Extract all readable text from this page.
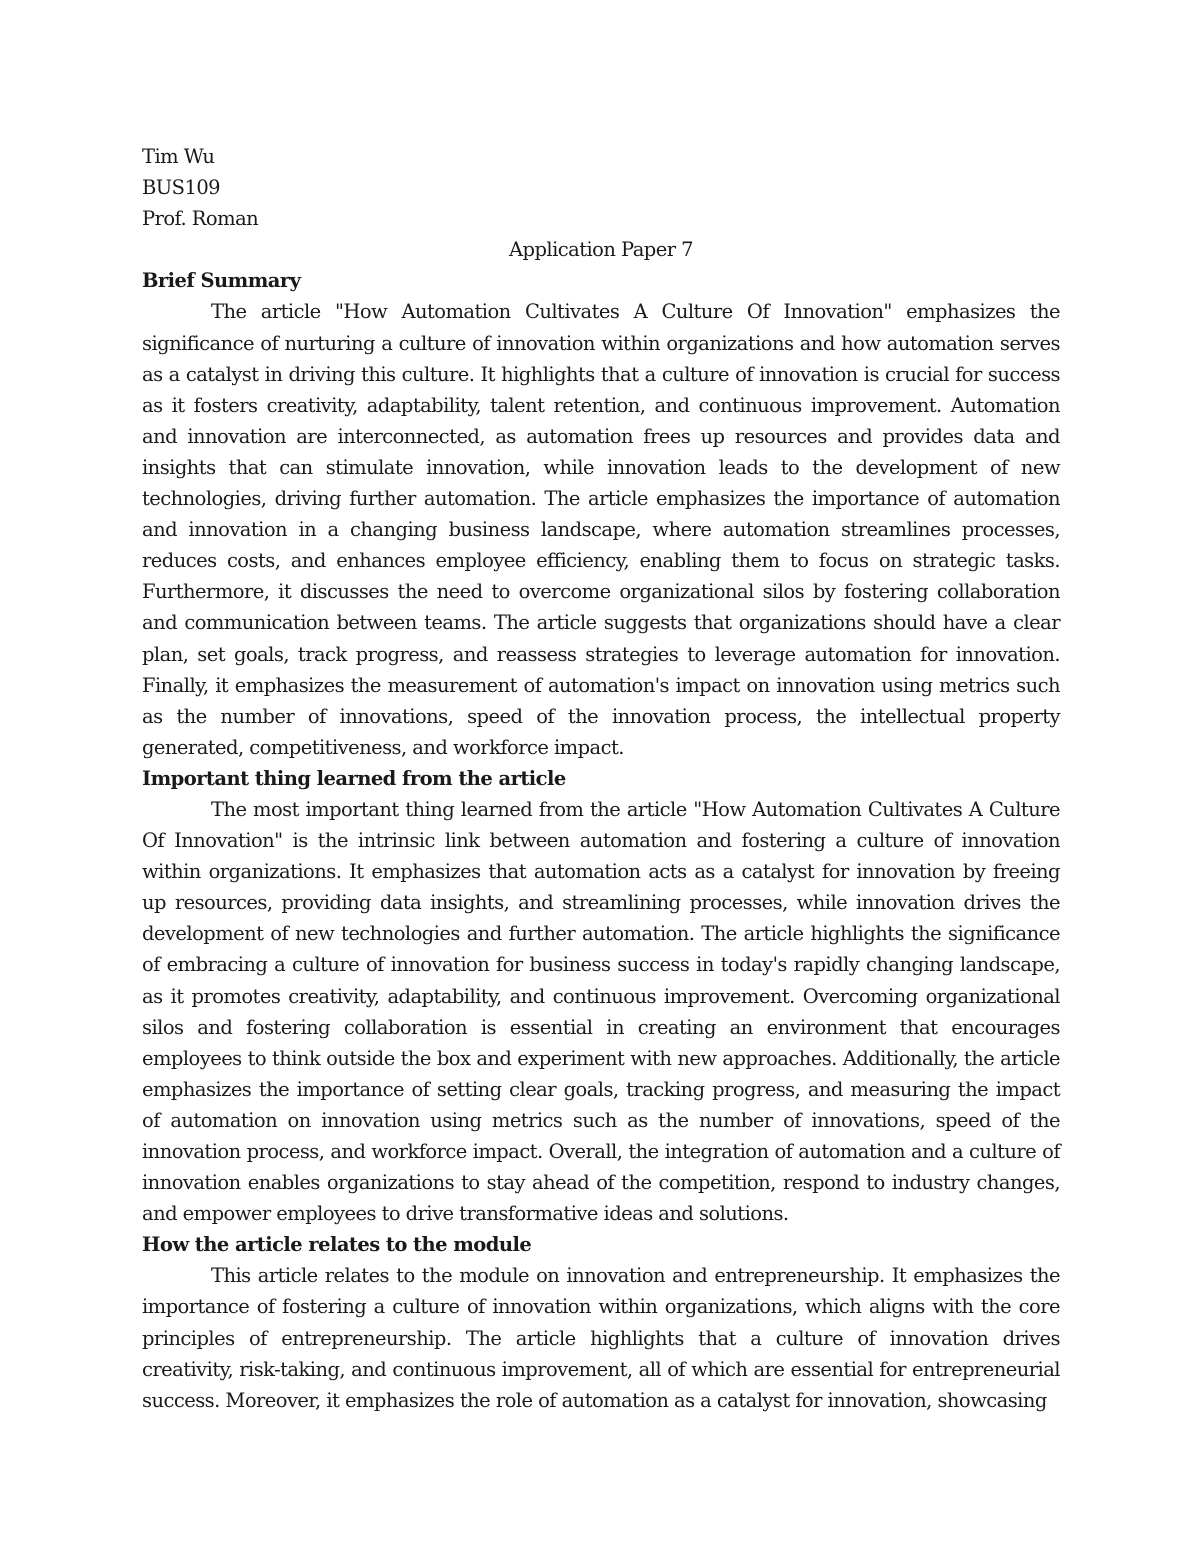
Tim Wu

BUS109

Prof. Roman

Application Paper 7

Brief Summary

The article "How Automation Cultivates A Culture Of Innovation" emphasizes the significance of nurturing a culture of innovation within organizations and how automation serves as a catalyst in driving this culture. It highlights that a culture of innovation is crucial for success as it fosters creativity, adaptability, talent retention, and continuous improvement. Automation and innovation are interconnected, as automation frees up resources and provides data and insights that can stimulate innovation, while innovation leads to the development of new technologies, driving further automation. The article emphasizes the importance of automation and innovation in a changing business landscape, where automation streamlines processes, reduces costs, and enhances employee efficiency, enabling them to focus on strategic tasks. Furthermore, it discusses the need to overcome organizational silos by fostering collaboration and communication between teams. The article suggests that organizations should have a clear plan, set goals, track progress, and reassess strategies to leverage automation for innovation. Finally, it emphasizes the measurement of automation's impact on innovation using metrics such as the number of innovations, speed of the innovation process, the intellectual property generated, competitiveness, and workforce impact.

Important thing learned from the article

The most important thing learned from the article "How Automation Cultivates A Culture Of Innovation" is the intrinsic link between automation and fostering a culture of innovation within organizations. It emphasizes that automation acts as a catalyst for innovation by freeing up resources, providing data insights, and streamlining processes, while innovation drives the development of new technologies and further automation. The article highlights the significance of embracing a culture of innovation for business success in today's rapidly changing landscape, as it promotes creativity, adaptability, and continuous improvement. Overcoming organizational silos and fostering collaboration is essential in creating an environment that encourages employees to think outside the box and experiment with new approaches. Additionally, the article emphasizes the importance of setting clear goals, tracking progress, and measuring the impact of automation on innovation using metrics such as the number of innovations, speed of the innovation process, and workforce impact. Overall, the integration of automation and a culture of innovation enables organizations to stay ahead of the competition, respond to industry changes, and empower employees to drive transformative ideas and solutions.

How the article relates to the module

This article relates to the module on innovation and entrepreneurship. It emphasizes the importance of fostering a culture of innovation within organizations, which aligns with the core principles of entrepreneurship. The article highlights that a culture of innovation drives creativity, risk-taking, and continuous improvement, all of which are essential for entrepreneurial success. Moreover, it emphasizes the role of automation as a catalyst for innovation, showcasing
